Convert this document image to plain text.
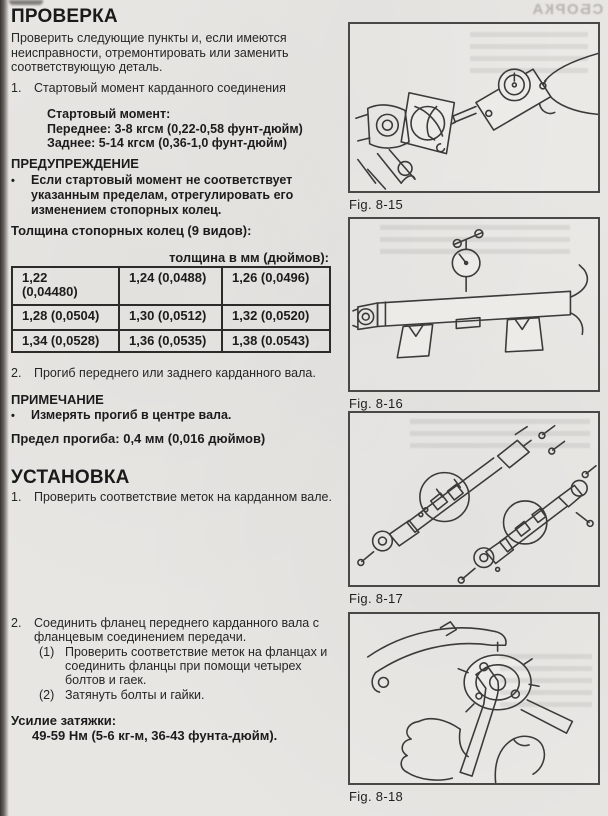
СБОРКА
ПРОВЕРКА

Проверить следующие пункты и, если имеются неисправности, отремонтировать или заменить соответствующую деталь.

1.	Стартовый момент карданного соединения
Стартовый момент:
Переднее: 3-8 кгсм (0,22-0,58 фунт-дюйм)
Заднее: 5-14 кгсм (0,36-1,0 фунт-дюйм)
ПРЕДУПРЕЖДЕНИЕ
•	Если стартовый момент не соответствует указанным пределам, отрегулировать его изменением стопорных колец.
Толщина стопорных колец (9 видов):
толщина в мм (дюймов):
1,22
(0,04480)	1,24 (0,0488)	1,26 (0,0496)
1,28 (0,0504)	1,30 (0,0512)	1,32 (0,0520)
1,34 (0,0528)	1,36 (0,0535)	1,38 (0.0543)
2.	Прогиб переднего или заднего карданного вала.
ПРИМЕЧАНИЕ
•	Измерять прогиб в центре вала.
Предел прогиба: 0,4 мм (0,016 дюймов)
УСТАНОВКА
1.	Проверить соответствие меток на карданном вале.
2.	Соединить фланец переднего карданного вала с фланцевым соединением передачи.
(1) Проверить соответствие меток на фланцах и соединить фланцы при помощи четырех болтов и гаек.
(2) Затянуть болты и гайки.
Усилие затяжки:
49-59 Нм (5-6 кг-м, 36-43 фунта-дюйм).
Fig. 8-15
Fig. 8-16
Fig. 8-17
Fig. 8-18
